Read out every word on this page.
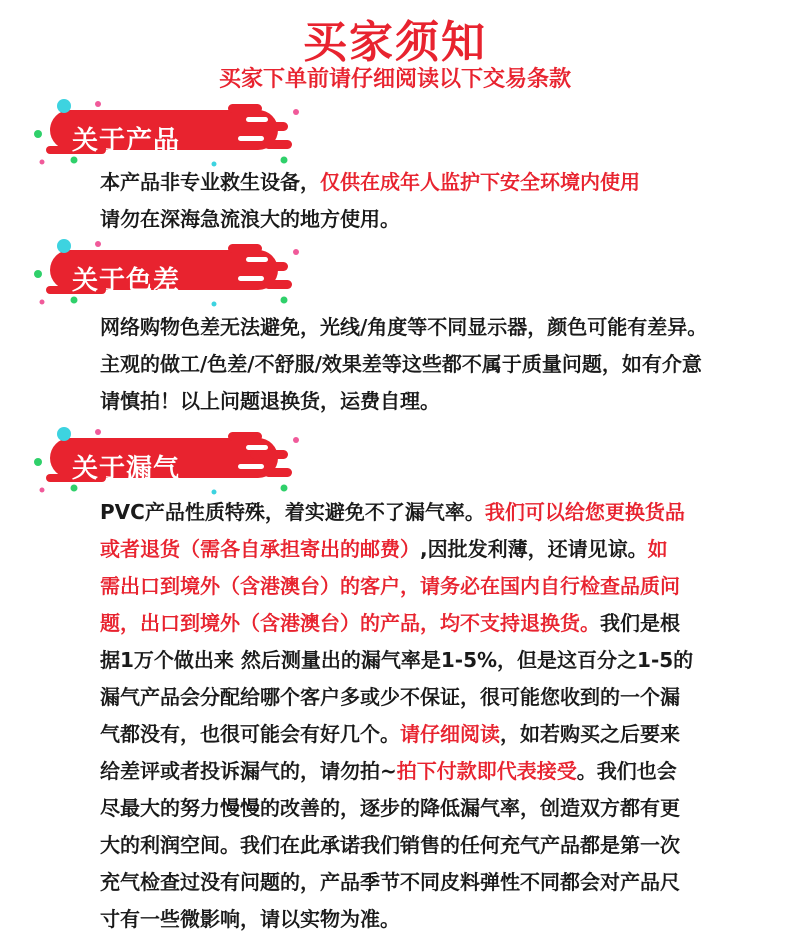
买家须知
买家下单前请仔细阅读以下交易条款
关于产品
本产品非专业救生设备，仅供在成年人监护下安全环境内使用
请勿在深海急流浪大的地方使用。
关于色差
网络购物色差无法避免，光线/角度等不同显示器，颜色可能有差异。
主观的做工/色差/不舒服/效果差等这些都不属于质量问题，如有介意
请慎拍！以上问题退换货，运费自理。
关于漏气
PVC产品性质特殊，着实避免不了漏气率。我们可以给您更换货品
或者退货（需各自承担寄出的邮费）,因批发利薄，还请见谅。如
需出口到境外（含港澳台）的客户，请务必在国内自行检查品质问
题，出口到境外（含港澳台）的产品，均不支持退换货。我们是根
据1万个做出来 然后测量出的漏气率是1-5%，但是这百分之1-5的
漏气产品会分配给哪个客户多或少不保证，很可能您收到的一个漏
气都没有，也很可能会有好几个。请仔细阅读，如若购买之后要来
给差评或者投诉漏气的，请勿拍~拍下付款即代表接受。我们也会
尽最大的努力慢慢的改善的，逐步的降低漏气率，创造双方都有更
大的利润空间。我们在此承诺我们销售的任何充气产品都是第一次
充气检查过没有问题的，产品季节不同皮料弹性不同都会对产品尺
寸有一些微影响，请以实物为准。
